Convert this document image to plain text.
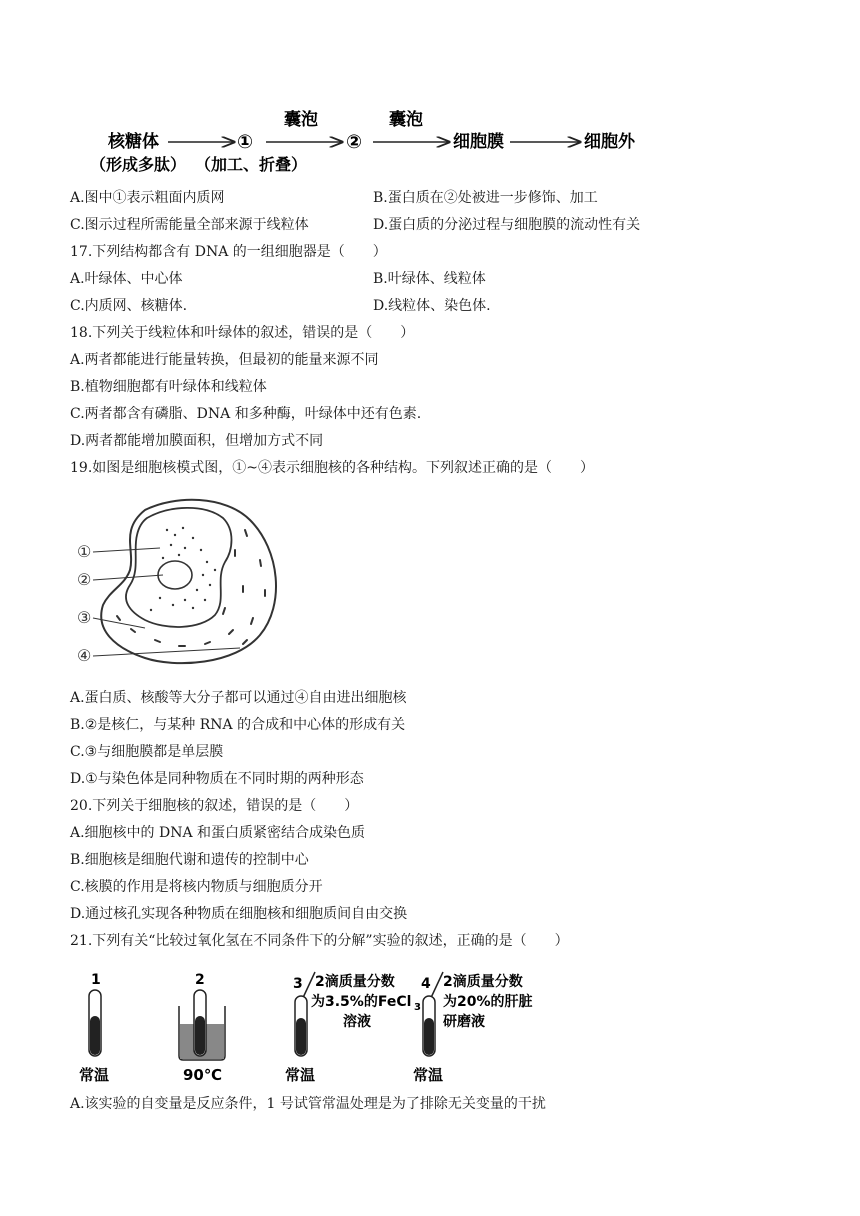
核糖体
（形成多肽）
①
（加工、折叠）
囊泡
②
囊泡
细胞膜	细胞外
A.图中①表示粗面内质网	B.蛋白质在②处被进一步修饰、加工
C.图示过程所需能量全部来源于线粒体	D.蛋白质的分泌过程与细胞膜的流动性有关
17.下列结构都含有 DNA 的一组细胞器是（　　）
A.叶绿体、中心体	B.叶绿体、线粒体
C.内质网、核糖体.	D.线粒体、染色体.
18.下列关于线粒体和叶绿体的叙述，错误的是（　　）
A.两者都能进行能量转换，但最初的能量来源不同
B.植物细胞都有叶绿体和线粒体
C.两者都含有磷脂、DNA 和多种酶，叶绿体中还有色素.
D.两者都能增加膜面积，但增加方式不同
19.如图是细胞核模式图，①~④表示细胞核的各种结构。下列叙述正确的是（　　）
①
②
③
④
A.蛋白质、核酸等大分子都可以通过④自由进出细胞核
B.②是核仁，与某种 RNA 的合成和中心体的形成有关
C.③与细胞膜都是单层膜
D.①与染色体是同种物质在不同时期的两种形态
20.下列关于细胞核的叙述，错误的是（　　）
A.细胞核中的 DNA 和蛋白质紧密结合成染色质
B.细胞核是细胞代谢和遗传的控制中心
C.核膜的作用是将核内物质与细胞质分开
D.通过核孔实现各种物质在细胞核和细胞质间自由交换
21.下列有关“比较过氧化氢在不同条件下的分解”实验的叙述，正确的是（　　）
1
常温
2
90℃
3 2滴质量分数
为3.5%的FeCl 3
溶液
常温
4 2滴质量分数
为20%的肝脏
研磨液
常温
A.该实验的自变量是反应条件，1 号试管常温处理是为了排除无关变量的干扰
